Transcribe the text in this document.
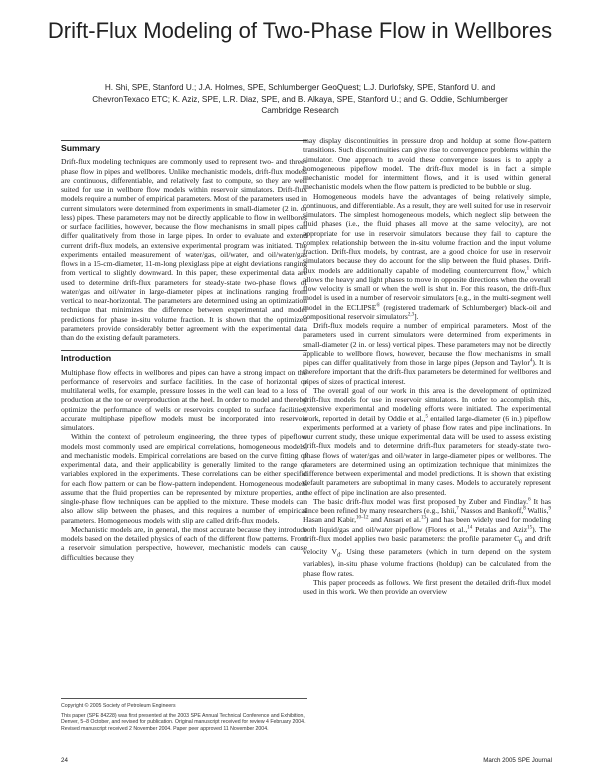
Drift-Flux Modeling of Two-Phase Flow in Wellbores
H. Shi, SPE, Stanford U.; J.A. Holmes, SPE, Schlumberger GeoQuest; L.J. Durlofsky, SPE, Stanford U. and
ChevronTexaco ETC; K. Aziz, SPE, L.R. Diaz, SPE, and B. Alkaya, SPE, Stanford U.; and G. Oddie, Schlumberger
Cambridge Research
Summary

Drift-flux modeling techniques are commonly used to represent two- and three-phase flow in pipes and wellbores. Unlike mechanistic models, drift-flux models are continuous, differentiable, and relatively fast to compute, so they are well suited for use in wellbore flow models within reservoir simulators. Drift-flux models require a number of empirical parameters. Most of the parameters used in current simulators were determined from experiments in small-diameter (2 in. or less) pipes. These parameters may not be directly applicable to flow in wellbores or surface facilities, however, because the flow mechanisms in small pipes can differ qualitatively from those in large pipes. In order to evaluate and extend current drift-flux models, an extensive experimental program was initiated. The experiments entailed measurement of water/gas, oil/water, and oil/water/gas flows in a 15-cm-diameter, 11-m-long plexiglass pipe at eight deviations ranging from vertical to slightly downward. In this paper, these experimental data are used to determine drift-flux parameters for steady-state two-phase flows of water/gas and oil/water in large-diameter pipes at inclinations ranging from vertical to near-horizontal. The parameters are determined using an optimization technique that minimizes the difference between experimental and model predictions for phase in-situ volume fraction. It is shown that the optimized parameters provide considerably better agreement with the experimental data than do the existing default parameters.

Introduction

Multiphase flow effects in wellbores and pipes can have a strong impact on the performance of reservoirs and surface facilities. In the case of horizontal or multilateral wells, for example, pressure losses in the well can lead to a loss of production at the toe or overproduction at the heel. In order to model and thereby optimize the performance of wells or reservoirs coupled to surface facilities, accurate multiphase pipeflow models must be incorporated into reservoir simulators.

Within the context of petroleum engineering, the three types of pipeflow models most commonly used are empirical correlations, homogeneous models, and mechanistic models. Empirical correlations are based on the curve fitting of experimental data, and their applicability is generally limited to the range of variables explored in the experiments. These correlations can be either specific for each flow pattern or can be flow-pattern independent. Homogeneous models assume that the fluid properties can be represented by mixture properties, and single-phase flow techniques can be applied to the mixture. These models can also allow slip between the phases, and this requires a number of empirical parameters. Homogeneous models with slip are called drift-flux models.

Mechanistic models are, in general, the most accurate because they introduce models based on the detailed physics of each of the different flow patterns. From a reservoir simulation perspective, however, mechanistic models can cause difficulties because they

may display discontinuities in pressure drop and holdup at some flow-pattern transitions. Such discontinuities can give rise to convergence problems within the simulator. One approach to avoid these convergence issues is to apply a homogeneous pipeflow model. The drift-flux model is in fact a simple mechanistic model for intermittent flows, and it is used within general mechanistic models when the flow pattern is predicted to be bubble or slug.

Homogeneous models have the advantages of being relatively simple, continuous, and differentiable. As a result, they are well suited for use in reservoir simulators. The simplest homogeneous models, which neglect slip between the fluid phases (i.e., the fluid phases all move at the same velocity), are not appropriate for use in reservoir simulators because they fail to capture the complex relationship between the in-situ volume fraction and the input volume fraction. Drift-flux models, by contrast, are a good choice for use in reservoir simulators because they do account for the slip between the fluid phases. Drift-flux models are additionally capable of modeling countercurrent flow,$^1$ which allows the heavy and light phases to move in opposite directions when the overall flow velocity is small or when the well is shut in. For this reason, the drift-flux model is used in a number of reservoir simulators [e.g., in the multi-segment well model in the ECLIPSE® (registered trademark of Schlumberger) black-oil and compositional reservoir simulators$^{2,3}$].

Drift-flux models require a number of empirical parameters. Most of the parameters used in current simulators were determined from experiments in small-diameter (2 in. or less) vertical pipes. These parameters may not be directly applicable to wellbore flows, however, because the flow mechanisms in small pipes can differ qualitatively from those in large pipes (Jepson and Taylor$^4$). It is therefore important that the drift-flux parameters be determined for wellbores and pipes of sizes of practical interest.

The overall goal of our work in this area is the development of optimized drift-flux models for use in reservoir simulators. In order to accomplish this, extensive experimental and modeling efforts were initiated. The experimental work, reported in detail by Oddie et al.,$^5$ entailed large-diameter (6 in.) pipeflow experiments performed at a variety of phase flow rates and pipe inclinations. In our current study, these unique experimental data will be used to assess existing drift-flux models and to determine drift-flux parameters for steady-state two-phase flows of water/gas and oil/water in large-diameter pipes or wellbores. The parameters are determined using an optimization technique that minimizes the difference between experimental and model predictions. It is shown that existing default parameters are suboptimal in many cases. Models to accurately represent the effect of pipe inclination are also presented.

The basic drift-flux model was first proposed by Zuber and Findlay.$^6$ It has since been refined by many researchers (e.g., Ishii,$^7$ Nassos and Bankoff,$^8$ Wallis,$^9$ Hasan and Kabir,$^{10-12}$ and Ansari et al.$^{13}$) and has been widely used for modeling both liquid/gas and oil/water pipeflow (Flores et al.,$^{14}$ Petalas and Aziz$^{15}$). The drift-flux model applies two basic parameters: the profile parameter $C_0$ and drift velocity $V_d$. Using these parameters (which in turn depend on the system variables), in-situ phase volume fractions (holdup) can be calculated from the phase flow rates.

This paper proceeds as follows. We first present the detailed drift-flux model used in this work. We then provide an overview

Copyright © 2005 Society of Petroleum Engineers

This paper (SPE 84228) was first presented at the 2003 SPE Annual Technical Conference and Exhibition, Denver, 5–8 October, and revised for publication. Original manuscript received for review 4 February 2004. Revised manuscript received 2 November 2004. Paper peer approved 11 November 2004.

24	March 2005 SPE Journal
